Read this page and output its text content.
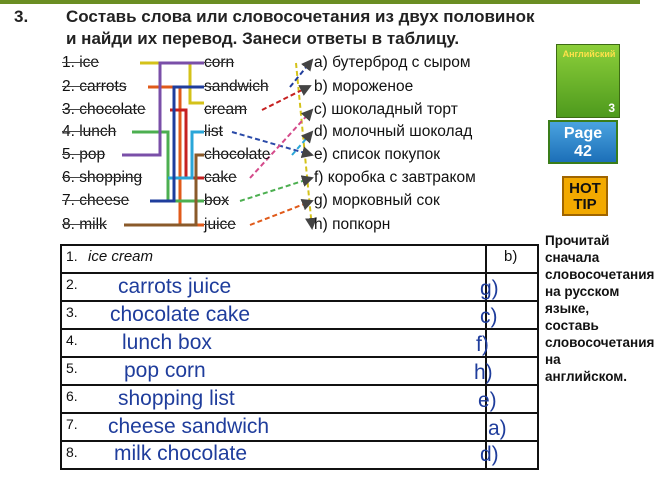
3. Составь слова или словосочетания из двух половинок и найди их перевод. Занеси ответы в таблицу.
1. ice
2. carrots
3. chocolate
4. lunch
5. pop
6. shopping
7. cheese
8. milk
corn
sandwich
cream
list
chocolate
cake
box
juice
a) бутерброд с сыром
b) мороженое
c) шоколадный торт
d) молочный шоколад
e) список покупок
f) коробка с завтраком
g) морковный сок
h) попкорн
1. ice cream	b)
2. carrots juice	g)
3. chocolate cake	c)
4. lunch box	f)
5. pop corn	h)
6. shopping list	e)
7. cheese sandwich	a)
8. milk chocolate	d)
Английский
3
Page
42
HOT
TIP
Прочитай сначала словосочетания на русском языке, составь словосочетания на английском.
